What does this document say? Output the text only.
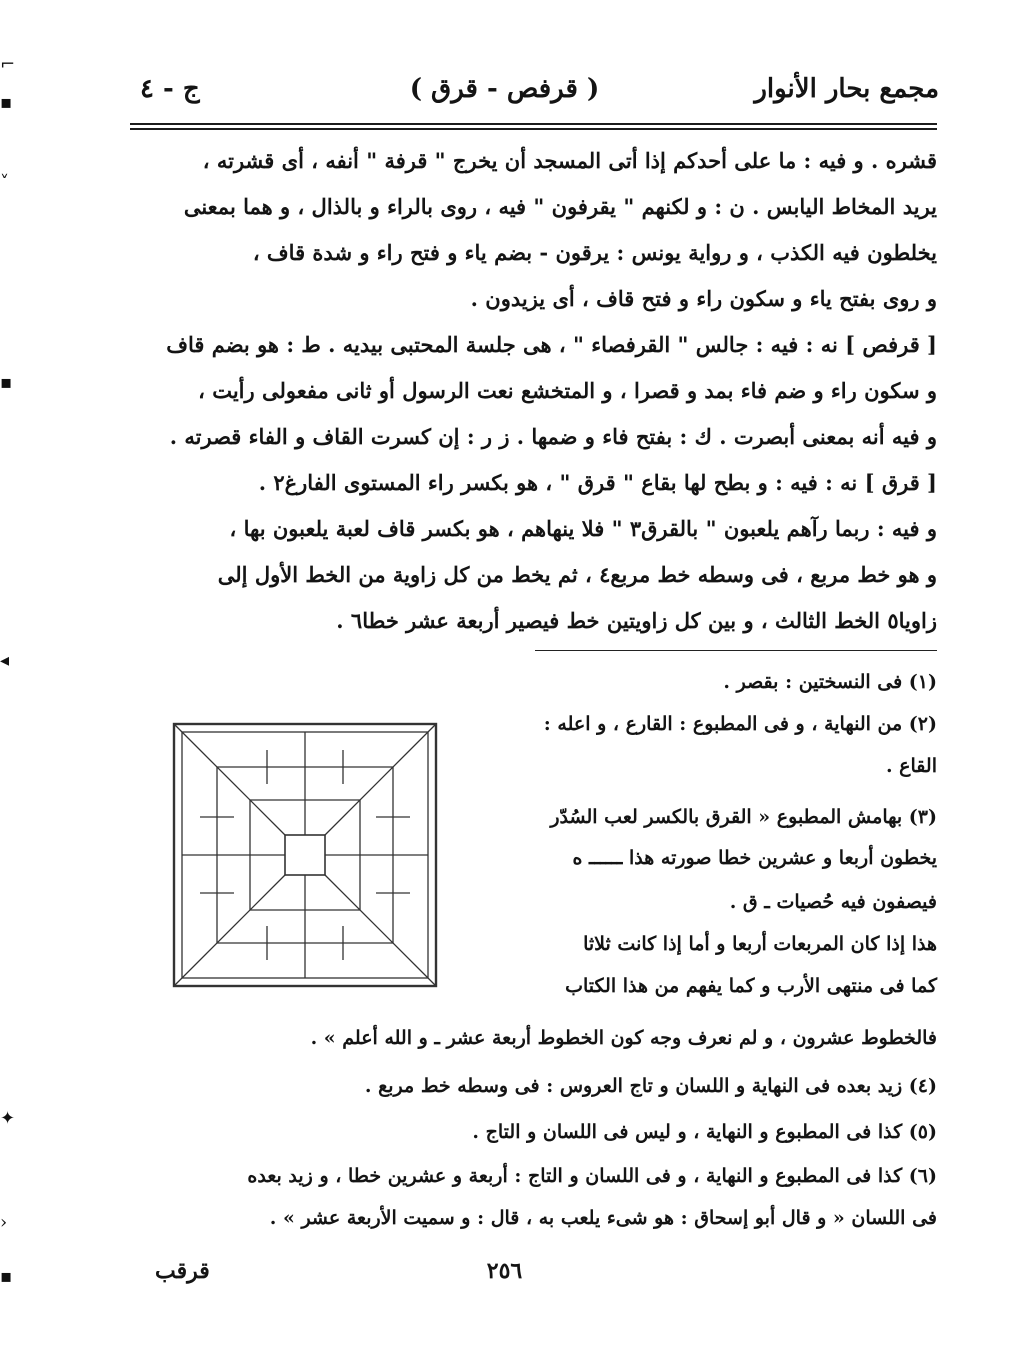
مجمع بحار الأنوار
( قرفص - قرق )
ج - ٤

قشره . و فيه : ما على أحدكم إذا أتى المسجد أن يخرج " قرفة " أنفه ، أى قشرته ،

يريد المخاط اليابس . ن : و لكنهم " يقرفون " فيه ، روى بالراء و بالذال ، و هما بمعنى

يخلطون فيه الكذب ، و رواية يونس : يرقون - بضم ياء و فتح راء و شدة قاف ،

و روى بفتح ياء و سكون راء و فتح قاف ، أى يزيدون .

[ قرفص ] نه : فيه : جالس " القرفصاء " ، هى جلسة المحتبى بيديه . ط : هو بضم قاف

و سكون راء و ضم فاء بمد و قصرا ، و المتخشع نعت الرسول أو ثانى مفعولى رأيت ،

و فيه أنه بمعنى أبصرت . ك : بفتح فاء و ضمها . ز ر : إن كسرت القاف و الفاء قصرته .

[ قرق ] نه : فيه : و بطح لها بقاع " قرق " ، هو بكسر راء المستوى الفارغ٢ .

و فيه : ربما رآهم يلعبون " بالقرق٣ " فلا ينهاهم ، هو بكسر قاف لعبة يلعبون بها ،

و هو خط مربع ، فى وسطه خط مربع٤ ، ثم يخط من كل زاوية من الخط الأول إلى

زاويا٥ الخط الثالث ، و بين كل زاويتين خط فيصير أربعة عشر خطا٦ .

(١) فى النسختين : بقصر .
(٢) من النهاية ، و فى المطبوع : القارع ، و اعله :
القاع .
(٣) بهامش المطبوع « القرق بالكسر لعب السُدّر
يخطون أربعا و عشرين خطا صورته هذا ــــــ ه
فيصفون فيه حُصيات ـ ق .
هذا إذا كان المربعات أربعا و أما إذا كانت ثلاثا
كما فى منتهى الأرب و كما يفهم من هذا الكتاب
فالخطوط عشرون ، و لم نعرف وجه كون الخطوط أربعة عشر ـ و الله أعلم » .
(٤) زيد بعده فى النهاية و اللسان و تاج العروس : فى وسطه خط مربع .
(٥) كذا فى المطبوع و النهاية ، و ليس فى اللسان و التاج .
(٦) كذا فى المطبوع و النهاية ، و فى اللسان و التاج : أربعة و عشرين خطا ، و زيد بعده
فى اللسان « و قال أبو إسحاق : هو شىء يلعب به ، قال : و سميت الأربعة عشر » .
٢٥٦
قرقب
⌐
▪
˅
▪
◂
✦
›
▪
